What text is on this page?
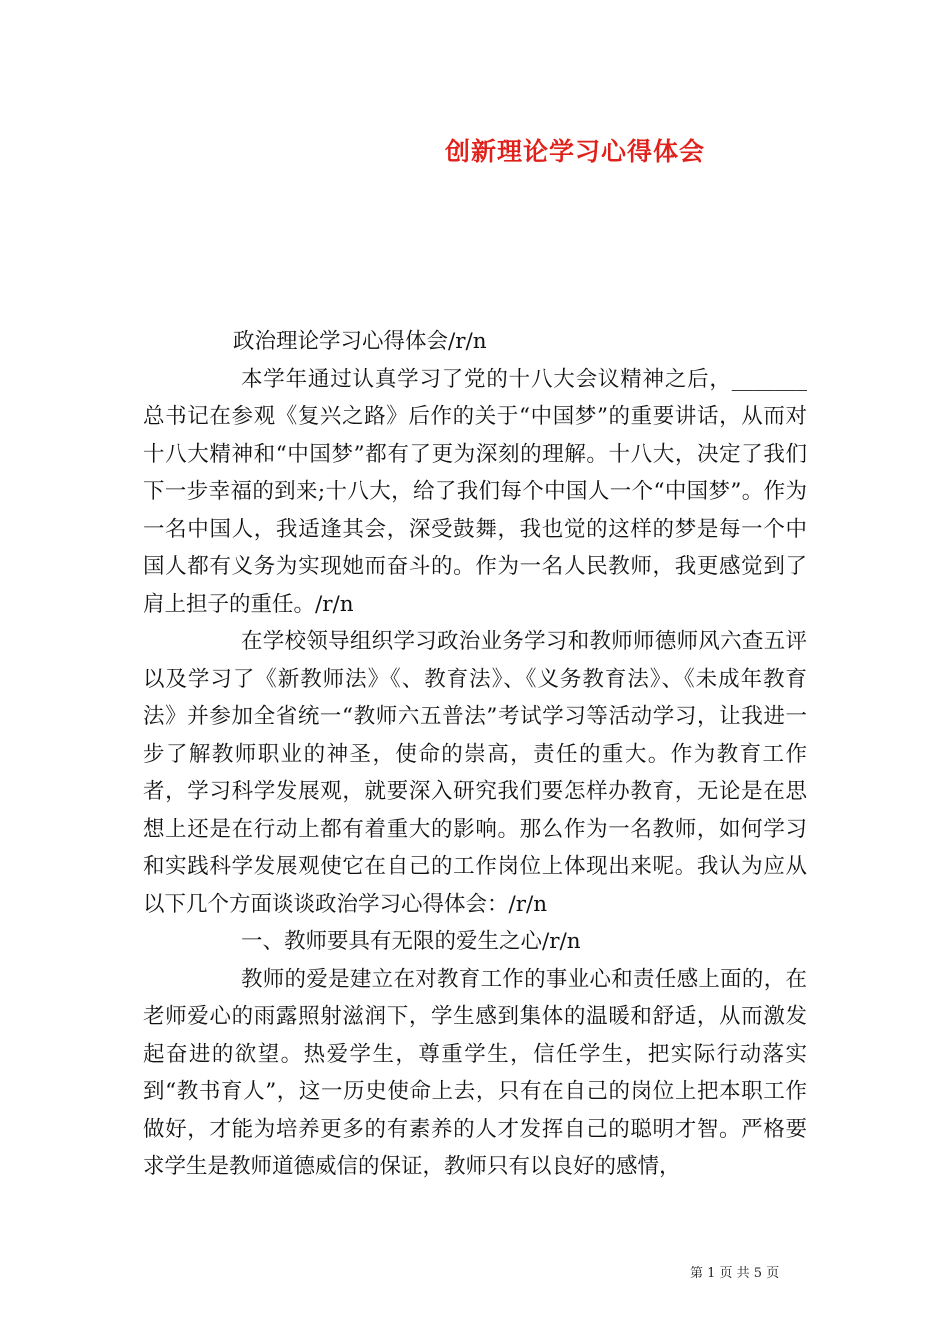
创新理论学习心得体会

政治理论学习心得体会/r/n

本学年通过认真学习了党的十八大会议精神之后，_______总书记在参观《复兴之路》后作的关于“中国梦”的重要讲话，从而对十八大精神和“中国梦”都有了更为深刻的理解。十八大，决定了我们下一步幸福的到来;十八大，给了我们每个中国人一个“中国梦”。作为一名中国人，我适逢其会，深受鼓舞，我也觉的这样的梦是每一个中国人都有义务为实现她而奋斗的。作为一名人民教师，我更感觉到了肩上担子的重任。/r/n

在学校领导组织学习政治业务学习和教师师德师风六查五评以及学习了《新教师法》《、教育法》、《义务教育法》、《未成年教育法》并参加全省统一“教师六五普法”考试学习等活动学习，让我进一步了解教师职业的神圣，使命的崇高，责任的重大。作为教育工作者，学习科学发展观，就要深入研究我们要怎样办教育，无论是在思想上还是在行动上都有着重大的影响。那么作为一名教师，如何学习和实践科学发展观使它在自己的工作岗位上体现出来呢。我认为应从以下几个方面谈谈政治学习心得体会：/r/n

一、教师要具有无限的爱生之心/r/n

教师的爱是建立在对教育工作的事业心和责任感上面的，在老师爱心的雨露照射滋润下，学生感到集体的温暖和舒适，从而激发起奋进的欲望。热爱学生，尊重学生，信任学生，把实际行动落实到“教书育人”，这一历史使命上去，只有在自己的岗位上把本职工作做好，才能为培养更多的有素养的人才发挥自己的聪明才智。严格要求学生是教师道德威信的保证，教师只有以良好的感情，

第 1 页 共 5 页
